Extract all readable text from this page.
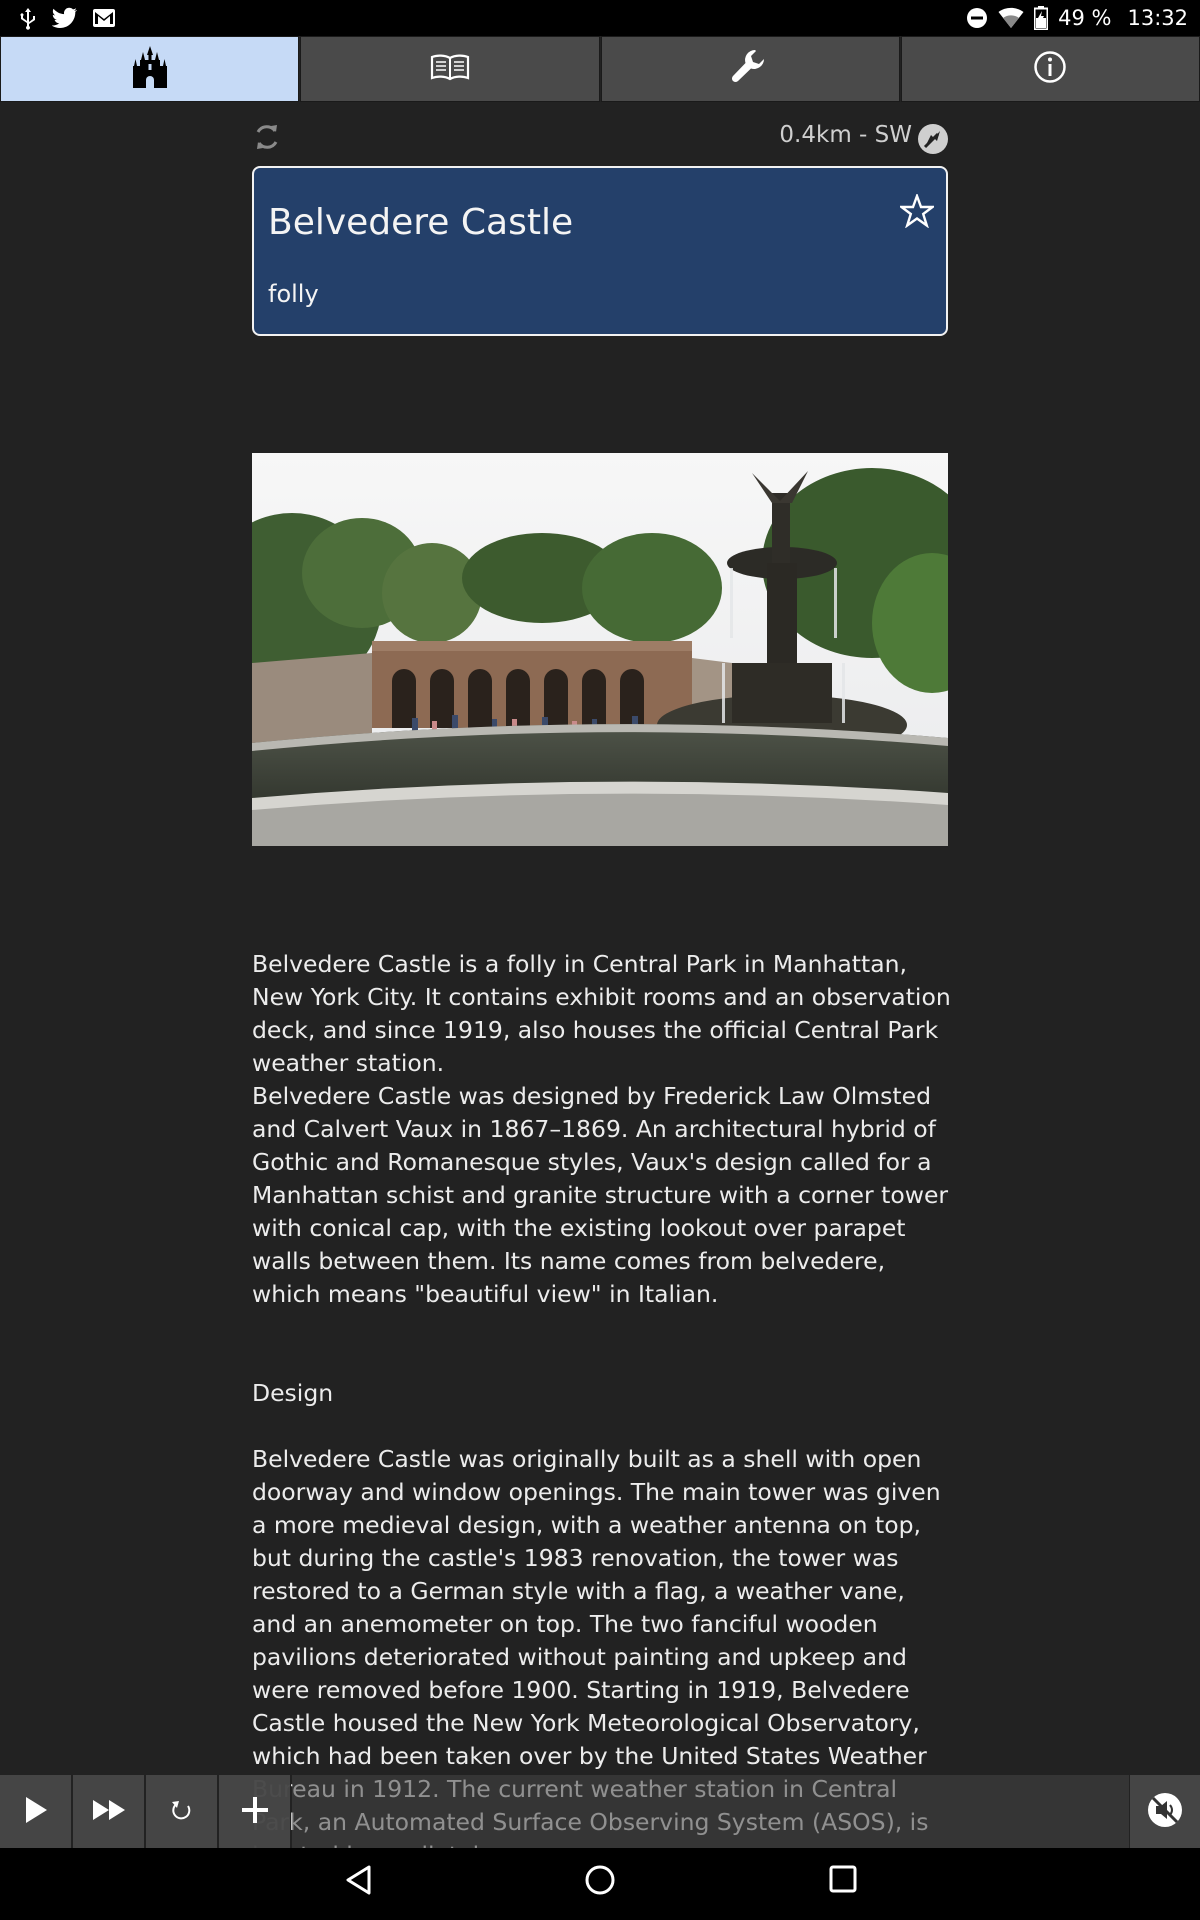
49 % 13:32
0.4km - SW
Belvedere Castle
folly

Belvedere Castle is a folly in Central Park in Manhattan, New York City. It contains exhibit rooms and an observation deck, and since 1919, also houses the official Central Park weather station.

Belvedere Castle was designed by Frederick Law Olmsted and Calvert Vaux in 1867–1869. An architectural hybrid of Gothic and Romanesque styles, Vaux's design called for a Manhattan schist and granite structure with a corner tower with conical cap, with the existing lookout over parapet walls between them. Its name comes from belvedere, which means "beautiful view" in Italian.

Design

Belvedere Castle was originally built as a shell with open doorway and window openings. The main tower was given a more medieval design, with a weather antenna on top, but during the castle's 1983 renovation, the tower was restored to a German style with a flag, a weather vane, and an anemometer on top. The two fanciful wooden pavilions deteriorated without painting and upkeep and were removed before 1900. Starting in 1919, Belvedere Castle housed the New York Meteorological Observatory, which had been taken over by the United States Weather
